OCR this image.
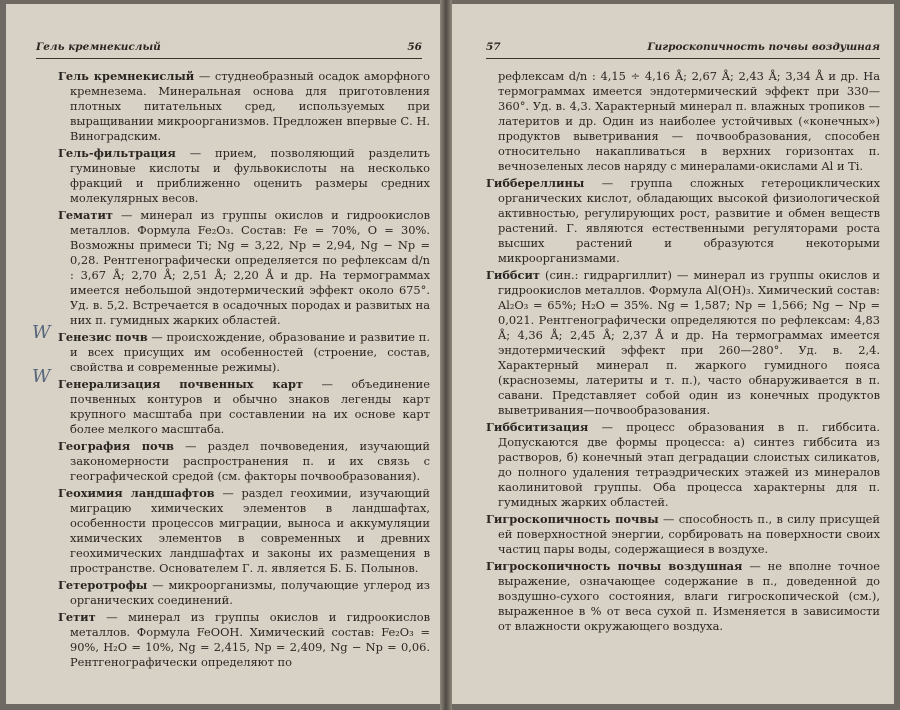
Гель кремнекислый	56

Гель кремнекислый — студнеобразный осадок аморфного кремнезема. Минеральная основа для приготовления плотных питательных сред, используемых при выращивании микроорганизмов. Предложен впервые С. Н. Виноградским.

Гель-фильтрация — прием, позволяющий разделить гуминовые кислоты и фульвокислоты на несколько фракций и приближенно оценить размеры средних молекулярных весов.

Гематит — минерал из группы окислов и гидроокислов металлов. Формула Fe₂O₃. Состав: Fe = 70%, O = 30%. Возможны примеси Ti; Ng = 3,22, Np = 2,94, Ng − Np = 0,28. Рентгенографически определяется по рефлексам d/n : 3,67 Å; 2,70 Å; 2,51 Å; 2,20 Å и др. На термограммах имеется небольшой эндотермический эффект около 675°. Уд. в. 5,2. Встречается в осадочных породах и развитых на них п. гумидных жарких областей.

Генезис почв — происхождение, образование и развитие п. и всех присущих им особенностей (строение, состав, свойства и современные режимы).

Генерализация почвенных карт — объединение почвенных контуров и обычно знаков легенды карт крупного масштаба при составлении на их основе карт более мелкого масштаба.

География почв — раздел почвоведения, изучающий закономерности распространения п. и их связь с географической средой (см. факторы почвообразования).

Геохимия ландшафтов — раздел геохимии, изучающий миграцию химических элементов в ландшафтах, особенности процессов миграции, выноса и аккумуляции химических элементов в современных и древних геохимических ландшафтах и законы их размещения в пространстве. Основателем Г. л. является Б. Б. Полынов.

Гетеротрофы — микроорганизмы, получающие углерод из органических соединений.

Гетит — минерал из группы окислов и гидроокислов металлов. Формула FeOOH. Химический состав: Fe₂O₃ = 90%, H₂O = 10%, Ng = 2,415, Np = 2,409, Ng − Np = 0,06. Рентгенографически определяют по

W
W
57	Гигроскопичность почвы воздушная

рефлексам d/n : 4,15 ÷ 4,16 Å; 2,67 Å; 2,43 Å; 3,34 Å и др. На термограммах имеется эндотермический эффект при 330—360°. Уд. в. 4,3. Характерный минерал п. влажных тропиков — латеритов и др. Один из наиболее устойчивых («конечных») продуктов выветривания — почвообразования, способен относительно накапливаться в верхних горизонтах п. вечнозеленых лесов наряду с минералами-окислами Al и Ti.

Гиббереллины — группа сложных гетероциклических органических кислот, обладающих высокой физиологической активностью, регулирующих рост, развитие и обмен веществ растений. Г. являются естественными регуляторами роста высших растений и образуются некоторыми микроорганизмами.

Гиббсит (син.: гидраргиллит) — минерал из группы окислов и гидроокислов металлов. Формула Al(OH)₃. Химический состав: Al₂O₃ = 65%; H₂O = 35%. Ng = 1,587; Np = 1,566; Ng − Np = 0,021. Рентгенографически определяются по рефлексам: 4,83 Å; 4,36 Å; 2,45 Å; 2,37 Å и др. На термограммах имеется эндотермический эффект при 260—280°. Уд. в. 2,4. Характерный минерал п. жаркого гумидного пояса (красноземы, латериты и т. п.), часто обнаруживается в п. савани. Представляет собой один из конечных продуктов выветривания—почвообразования.

Гиббситизация — процесс образования в п. гиббсита. Допускаются две формы процесса: а) синтез гиббсита из растворов, б) конечный этап деградации слоистых силикатов, до полного удаления тетраэдрических этажей из минералов каолинитовой группы. Оба процесса характерны для п. гумидных жарких областей.

Гигроскопичность почвы — способность п., в силу присущей ей поверхностной энергии, сорбировать на поверхности своих частиц пары воды, содержащиеся в воздухе.

Гигроскопичность почвы воздушная — не вполне точное выражение, означающее содержание в п., доведенной до воздушно-сухого состояния, влаги гигроскопической (см.), выраженное в % от веса сухой п. Изменяется в зависимости от влажности окружающего воздуха.
